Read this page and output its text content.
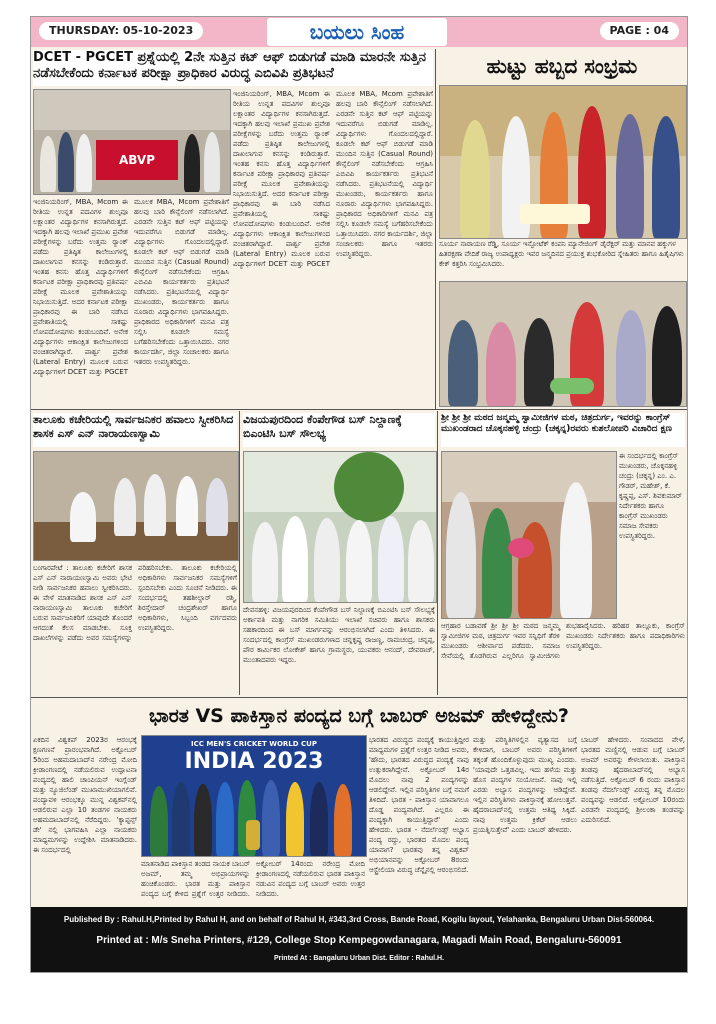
THURSDAY: 05-10-2023	ಬಯಲು ಸಿಂಹ	PAGE : 04
DCET - PGCET ಪ್ರಶ್ನೆಯಲ್ಲಿ 2ನೇ ಸುತ್ತಿನ ಕಟ್ ಆಫ್ ಬಿಡುಗಡೆ ಮಾಡಿ ಮಾರನೇ ಸುತ್ತಿನ ನಡೆಸಬೇಕೆಂದು ಕರ್ನಾಟಕ ಪರೀಕ್ಷಾ ಪ್ರಾಧಿಕಾರ ವಿರುದ್ಧ ಎಬಿವಿಪಿ ಪ್ರತಿಭಟನೆ
ABVP
ಇಂಜಿನಿಯರಿಂಗ್, MBA, Mcom ಈ ರೀತಿಯ ಉನ್ನತ ಪದವಿಗಳ ಶುಲ್ಕವೂ ಲಕ್ಷಾಂತರ ವಿದ್ಯಾರ್ಥಿಗಳ ಕನಸಾಗಿರುತ್ತದೆ. ಇದಕ್ಕಾಗಿ ಹಲವು ಇಲಾಖೆ ಪ್ರಮುಖ ಪ್ರವೇಶ ಪರೀಕ್ಷೆಗಳನ್ನು ಬರೆದು ಉತ್ತಮ ರ‍್ಯಾಂಕ್ ಪಡೆದು ಪ್ರತಿಷ್ಠಿತ ಕಾಲೇಜುಗಳಲ್ಲಿ ದಾಖಲಾಗುವ ಕನಸನ್ನು ಕಂಡಿರುತ್ತಾರೆ. ಇಂತಹ ಕನಸು ಹೊತ್ತ ವಿದ್ಯಾರ್ಥಿಗಳಿಗೆ ಕರ್ನಾಟಕ ಪರೀಕ್ಷಾ ಪ್ರಾಧಿಕಾರವು ಪ್ರತಿವರ್ಷ ಪರೀಕ್ಷೆ ಮೂಲಕ ಪ್ರವೇಶಾತಿಯನ್ನು ನಿಭಾಯಿಸುತ್ತಿದೆ. ಅದರ ಕರ್ನಾಟಕ ಪರೀಕ್ಷಾ ಪ್ರಾಧಿಕಾರವು ಈ ಬಾರಿ ನಡೆಸಿದ ಪ್ರವೇಶಾತಿಯಲ್ಲಿ ಸಾಕಷ್ಟು ಲೋಪದೋಷಗಳು ಕಂಡುಬಂದಿವೆ. ಅನೇಕ ವಿದ್ಯಾರ್ಥಿಗಳು ಆಕಾಂಕ್ಷಿತ ಕಾಲೇಜುಗಳಿಂದ ವಂಚಿತರಾಗಿದ್ದಾರೆ. ಪಾರ್ಶ್ವ ಪ್ರವೇಶ (Lateral Entry) ಮೂಲಕ ಬರುವ ವಿದ್ಯಾರ್ಥಿಗಳಿಗೆ DCET ಮತ್ತು PGCET ಮೂಲಕ MBA, Mcom ಪ್ರವೇಶಾತಿಗೆ ಹಲವು ಬಾರಿ ಕೌನ್ಸೆಲಿಂಗ್ ನಡೆಸಲಾಗಿದೆ. ಎರಡನೇ ಸುತ್ತಿನ ಕಟ್ ಆಫ್ ಪಟ್ಟಿಯನ್ನು ಇದುವರೆಗೂ ಬಿಡುಗಡೆ ಮಾಡಿಲ್ಲ. ವಿದ್ಯಾರ್ಥಿಗಳು ಗೊಂದಲದಲ್ಲಿದ್ದಾರೆ. ಕೂಡಲೇ ಕಟ್ ಆಫ್ ಬಿಡುಗಡೆ ಮಾಡಿ ಮುಂದಿನ ಸುತ್ತಿನ (Casual Round) ಕೌನ್ಸೆಲಿಂಗ್ ನಡೆಸಬೇಕೆಂದು ಆಗ್ರಹಿಸಿ ಎಬಿವಿಪಿ ಕಾರ್ಯಕರ್ತರು ಪ್ರತಿಭಟನೆ ನಡೆಸಿದರು. ಪ್ರತಿಭಟನೆಯಲ್ಲಿ ವಿದ್ಯಾರ್ಥಿ ಮುಖಂಡರು, ಕಾರ್ಯಕರ್ತರು ಹಾಗೂ ನೂರಾರು ವಿದ್ಯಾರ್ಥಿಗಳು ಭಾಗವಹಿಸಿದ್ದರು. ಪ್ರಾಧಿಕಾರದ ಅಧಿಕಾರಿಗಳಿಗೆ ಮನವಿ ಪತ್ರ ಸಲ್ಲಿಸಿ ಕೂಡಲೇ ಸಮಸ್ಯೆ ಬಗೆಹರಿಸಬೇಕೆಂದು ಒತ್ತಾಯಿಸಿದರು. ನಗರ ಕಾರ್ಯದರ್ಶಿ, ಜಿಲ್ಲಾ ಸಂಚಾಲಕರು ಹಾಗೂ ಇತರರು ಉಪಸ್ಥಿತರಿದ್ದರು.
ಇಂಜಿನಿಯರಿಂಗ್, MBA, Mcom ಈ ರೀತಿಯ ಉನ್ನತ ಪದವಿಗಳ ಶುಲ್ಕವೂ ಲಕ್ಷಾಂತರ ವಿದ್ಯಾರ್ಥಿಗಳ ಕನಸಾಗಿರುತ್ತದೆ. ಇದಕ್ಕಾಗಿ ಹಲವು ಇಲಾಖೆ ಪ್ರಮುಖ ಪ್ರವೇಶ ಪರೀಕ್ಷೆಗಳನ್ನು ಬರೆದು ಉತ್ತಮ ರ‍್ಯಾಂಕ್ ಪಡೆದು ಪ್ರತಿಷ್ಠಿತ ಕಾಲೇಜುಗಳಲ್ಲಿ ದಾಖಲಾಗುವ ಕನಸನ್ನು ಕಂಡಿರುತ್ತಾರೆ. ಇಂತಹ ಕನಸು ಹೊತ್ತ ವಿದ್ಯಾರ್ಥಿಗಳಿಗೆ ಕರ್ನಾಟಕ ಪರೀಕ್ಷಾ ಪ್ರಾಧಿಕಾರವು ಪ್ರತಿವರ್ಷ ಪರೀಕ್ಷೆ ಮೂಲಕ ಪ್ರವೇಶಾತಿಯನ್ನು ನಿಭಾಯಿಸುತ್ತಿದೆ. ಅದರ ಕರ್ನಾಟಕ ಪರೀಕ್ಷಾ ಪ್ರಾಧಿಕಾರವು ಈ ಬಾರಿ ನಡೆಸಿದ ಪ್ರವೇಶಾತಿಯಲ್ಲಿ ಸಾಕಷ್ಟು ಲೋಪದೋಷಗಳು ಕಂಡುಬಂದಿವೆ. ಅನೇಕ ವಿದ್ಯಾರ್ಥಿಗಳು ಆಕಾಂಕ್ಷಿತ ಕಾಲೇಜುಗಳಿಂದ ವಂಚಿತರಾಗಿದ್ದಾರೆ. ಪಾರ್ಶ್ವ ಪ್ರವೇಶ (Lateral Entry) ಮೂಲಕ ಬರುವ ವಿದ್ಯಾರ್ಥಿಗಳಿಗೆ DCET ಮತ್ತು PGCET ಮೂಲಕ MBA, Mcom ಪ್ರವೇಶಾತಿಗೆ ಹಲವು ಬಾರಿ ಕೌನ್ಸೆಲಿಂಗ್ ನಡೆಸಲಾಗಿದೆ. ಎರಡನೇ ಸುತ್ತಿನ ಕಟ್ ಆಫ್ ಪಟ್ಟಿಯನ್ನು ಇದುವರೆಗೂ ಬಿಡುಗಡೆ ಮಾಡಿಲ್ಲ. ವಿದ್ಯಾರ್ಥಿಗಳು ಗೊಂದಲದಲ್ಲಿದ್ದಾರೆ. ಕೂಡಲೇ ಕಟ್ ಆಫ್ ಬಿಡುಗಡೆ ಮಾಡಿ ಮುಂದಿನ ಸುತ್ತಿನ (Casual Round) ಕೌನ್ಸೆಲಿಂಗ್ ನಡೆಸಬೇಕೆಂದು ಆಗ್ರಹಿಸಿ ಎಬಿವಿಪಿ ಕಾರ್ಯಕರ್ತರು ಪ್ರತಿಭಟನೆ ನಡೆಸಿದರು. ಪ್ರತಿಭಟನೆಯಲ್ಲಿ ವಿದ್ಯಾರ್ಥಿ ಮುಖಂಡರು, ಕಾರ್ಯಕರ್ತರು ಹಾಗೂ ನೂರಾರು ವಿದ್ಯಾರ್ಥಿಗಳು ಭಾಗವಹಿಸಿದ್ದರು. ಪ್ರಾಧಿಕಾರದ ಅಧಿಕಾರಿಗಳಿಗೆ ಮನವಿ ಪತ್ರ ಸಲ್ಲಿಸಿ ಕೂಡಲೇ ಸಮಸ್ಯೆ ಬಗೆಹರಿಸಬೇಕೆಂದು ಒತ್ತಾಯಿಸಿದರು. ನಗರ ಕಾರ್ಯದರ್ಶಿ, ಜಿಲ್ಲಾ ಸಂಚಾಲಕರು ಹಾಗೂ ಇತರರು ಉಪಸ್ಥಿತರಿದ್ದರು.
ಹುಟ್ಟು ಹಬ್ಬದ ಸಂಭ್ರಮ
ಸೂರ್ಯ ನಾರಾಯಣ ರೆಡ್ಡಿ, ಸೂರ್ಯ ಇನ್ಫೋಟೆಕ್ ಕಂಪನಿ ಮ್ಯಾನೇಜಿಂಗ್ ಡೈರೆಕ್ಟರ್ ಮತ್ತು ಮಾನವ ಹಕ್ಕುಗಳ ಹಿತರಕ್ಷಣಾ ವೇದಿಕೆ ರಾಜ್ಯ ಉಪಾಧ್ಯಕ್ಷರು ಇವರ ಜನ್ಮದಿನದ ಪ್ರಯುಕ್ತ ಶುಭಕೋರಿದ ಸ್ನೇಹಿತರು ಹಾಗೂ ಹಿತೈಷಿಗಳು ಕೇಕ್ ಕತ್ತರಿಸಿ ಸಂಭ್ರಮಿಸಿದರು.
ತಾಲೂಕು ಕಚೇರಿಯಲ್ಲಿ ಸಾರ್ವಜನಿಕರ ಹವಾಲು ಸ್ವೀಕರಿಸಿದ ಶಾಸಕ ಎಸ್ ಎನ್ ನಾರಾಯಣಸ್ವಾಮಿ
ಬಂಗಾರಪೇಟೆ : ತಾಲೂಕು ಕಚೇರಿಗೆ ಶಾಸಕ ಎಸ್ ಎನ್ ನಾರಾಯಣಸ್ವಾಮಿ ಅವರು ಭೇಟಿ ನೀಡಿ ಸಾರ್ವಜನಿಕರ ಹವಾಲು ಸ್ವೀಕರಿಸಿದರು. ಈ ವೇಳೆ ಮಾತನಾಡಿದ ಶಾಸಕ ಎಸ್ ಎನ್ ನಾರಾಯಣಸ್ವಾಮಿ ತಾಲೂಕು ಕಚೇರಿಗೆ ಬರುವ ಸಾರ್ವಜನಿಕರಿಗೆ ಯಾವುದೇ ತೊಂದರೆ ಆಗದಂತೆ ಕೆಲಸ ಮಾಡಬೇಕು. ಸೂಕ್ತ ದಾಖಲೆಗಳನ್ನು ಪಡೆದು ಅವರ ಸಮಸ್ಯೆಗಳನ್ನು ಪರಿಹರಿಸಬೇಕು. ತಾಲೂಕು ಕಚೇರಿಯಲ್ಲಿ ಅಧಿಕಾರಿಗಳು ಸಾರ್ವಜನಿಕರ ಸಮಸ್ಯೆಗಳಿಗೆ ಸ್ಪಂದಿಸಬೇಕು ಎಂದು ಸೂಚನೆ ನೀಡಿದರು. ಈ ಸಂದರ್ಭದಲ್ಲಿ ತಹಶೀಲ್ದಾರ್ ರಶ್ಮಿ, ಶಿರಸ್ತೇದಾರ್ ಚಂದ್ರಶೇಖರ್ ಹಾಗೂ ಅಧಿಕಾರಿಗಳು, ಸಿಬ್ಬಂದಿ ವರ್ಗದವರು ಉಪಸ್ಥಿತರಿದ್ದರು.
ವಿಜಯಪುರದಿಂದ ಕೆಂಪೇಗೌಡ ಬಸ್ ನಿಲ್ದಾಣಕ್ಕೆ ಬಿಎಂಟಿಸಿ ಬಸ್ ಸೌಲಭ್ಯ
ದೇವನಹಳ್ಳಿ: ವಿಜಯಪುರದಿಂದ ಕೆಂಪೇಗೌಡ ಬಸ್ ನಿಲ್ದಾಣಕ್ಕೆ ಬಿಎಂಟಿಸಿ ಬಸ್ ಸೌಲಭ್ಯಕ್ಕೆ ಅರ್ಕಾವತಿ ಮತ್ತು ನಾಗರಿಕ ಸಮಿತಿಯು ಇಲಾಖೆ ಸಚಿವರು ಹಾಗೂ ಶಾಸಕರು ಸಹಕಾರದಿಂದ ಈ ಬಸ್ ಮಾರ್ಗವನ್ನು ಆರಂಭಿಸಲಾಗಿದೆ ಎಂದು ತಿಳಿಸಿದರು. ಈ ಸಂದರ್ಭದಲ್ಲಿ ಕಾಂಗ್ರೆಸ್ ಮುಖಂಡರುಗಳಾದ ಚನ್ನಕೃಷ್ಣ ರಾಜಣ್ಣ, ರಾಮಚಂದ್ರ, ಚನ್ನಪ್ಪ, ಪೌರ ಕಾರ್ಮಿಕರ ಲೋಕೇಶ್ ಹಾಗೂ ಗ್ರಾಮಸ್ಥರು, ಯುವಕರು ಆನಂದ್, ದೇವರಾಜ್, ಮುಂತಾದವರು ಇದ್ದರು.
ಶ್ರೀ ಶ್ರೀ ಶ್ರೀ ಮಠದ ಜನ್ಮಮ್ಮ ಸ್ವಾಮೀಜಿಗಳ ಮಠ, ಚಿತ್ರದುರ್ಗ, ಇವರನ್ನು ಕಾಂಗ್ರೆಸ್ ಮುಖಂಡರಾದ ಚೊಕ್ಕನಹಳ್ಳಿ ಚಂದ್ರು (ಚಕ್ಕನ್ನ)ರವರು ಕುಶಲೋಪರಿ ವಿಚಾರಿದ ಕ್ಷಣ
ಈ ಸಂದರ್ಭದಲ್ಲಿ ಕಾಂಗ್ರೆಸ್ ಮುಖಂಡರು, ಚೊಕ್ಕನಹಳ್ಳಿ ಚಂದ್ರು (ಚಕ್ಕನ್ನ) ಎಂ. ಎ. ಗೌಡರ್, ಮಹೇಶ್, ಕೆ. ಕೃಷ್ಣಪ್ಪ, ಎಸ್. ಶಿವಕುಮಾರ್ ನಿರ್ದೇಶಕರು ಹಾಗೂ ಕಾಂಗ್ರೆಸ್ ಮುಖಂಡರು ಸಮಾಜ ಸೇವಕರು ಉಪಸ್ಥಿತರಿದ್ದರು.
ಆಗ್ರಹಾರ ಬಡಾವಣೆ ಶ್ರೀ ಶ್ರೀ ಶ್ರೀ ಮಠದ ಜನ್ಮಮ್ಮ ಸ್ವಾಮೀಜಿಗಳ ಮಠ, ಚಿತ್ರದುರ್ಗ ಇವರ ಸನ್ನಿಧಿಗೆ ತೆರಳಿ ಮುಖಂಡರು ಆಶೀರ್ವಾದ ಪಡೆದರು. ಸಮಾಜ ಸೇವೆಯಲ್ಲಿ ತೊಡಗಿರುವ ಎಲ್ಲರಿಗೂ ಸ್ವಾಮೀಜಿಗಳು ಶುಭಹಾರೈಸಿದರು. ಹರಿಹರ ತಾಲ್ಲೂಕು, ಕಾಂಗ್ರೆಸ್ ಮುಖಂಡರು ನಿರ್ದೇಶಕರು ಹಾಗೂ ಪದಾಧಿಕಾರಿಗಳು ಉಪಸ್ಥಿತರಿದ್ದರು.
ಭಾರತ VS ಪಾಕಿಸ್ತಾನ ಪಂದ್ಯದ ಬಗ್ಗೆ ಬಾಬರ್ ಅಜಮ್ ಹೇಳಿದ್ದೇನು?
ಏಕದಿನ ವಿಶ್ವಕಪ್ 2023ರ ಆರಂಭಕ್ಕೆ ಕ್ಷಣಗಣನೆ ಪ್ರಾರಂಭವಾಗಿದೆ. ಅಕ್ಟೋಬರ್ 5ರಿಂದ ಅಹಮದಾಬಾದ್‌ನ ನರೇಂದ್ರ ಮೋದಿ ಕ್ರೀಡಾಂಗಣದಲ್ಲಿ ನಡೆಯಲಿರುವ ಉದ್ಘಾಟನಾ ಪಂದ್ಯದಲ್ಲಿ ಹಾಲಿ ಚಾಂಪಿಯನ್ ಇಂಗ್ಲೆಂಡ್ ಮತ್ತು ನ್ಯೂಜಿಲೆಂಡ್ ಮುಖಾಮುಖಿಯಾಗಲಿವೆ. ಪಂದ್ಯಾವಳಿ ಆರಂಭಕ್ಕೂ ಮುನ್ನ ವಿಶ್ವಕಪ್‌ನಲ್ಲಿ ಆಡಲಿರುವ ಎಲ್ಲಾ 10 ತಂಡಗಳ ನಾಯಕರು ಅಹಮದಾಬಾದ್‌ನಲ್ಲಿ ನೆರೆದಿದ್ದರು. 'ಕ್ಯಾಪ್ಟನ್ಸ್ ಡೇ' ನಲ್ಲಿ ಭಾಗವಹಿಸಿ ಎಲ್ಲಾ ನಾಯಕರು ಮಾಧ್ಯಮಗಳನ್ನು ಉದ್ದೇಶಿಸಿ ಮಾತನಾಡಿದರು. ಈ ಸಂದರ್ಭದಲ್ಲಿ
ICC MEN'S CRICKET WORLD CUP
INDIA 2023
ಮಾತನಾಡಿದ ಪಾಕಿಸ್ತಾನ ತಂಡದ ನಾಯಕ ಬಾಬರ್ ಅಜಮ್, ತಮ್ಮ ಅಭಿಪ್ರಾಯಗಳನ್ನು ಹಂಚಿಕೊಂಡರು. ಭಾರತ ಮತ್ತು ಪಾಕಿಸ್ತಾನ ಪಂದ್ಯದ ಬಗ್ಗೆ ಕೇಳಿದ ಪ್ರಶ್ನೆಗೆ ಉತ್ತರ ನೀಡಿದರು. ಅಕ್ಟೋಬರ್ 14ರಂದು ನರೇಂದ್ರ ಮೋದಿ ಕ್ರೀಡಾಂಗಣದಲ್ಲಿ ನಡೆಯಲಿರುವ ಭಾರತ ಪಾಕಿಸ್ತಾನ ನಡುವಿನ ಪಂದ್ಯದ ಬಗ್ಗೆ ಬಾಬರ್ ಅವರು ಉತ್ತರ ನೀಡಿದರು.
ಭಾರತದ ವಿರುದ್ಧದ ಪಂದ್ಯಕ್ಕೆ ಕಾಯುತ್ತಿದ್ದೀರ ಮಾಧ್ಯಮಗಳ ಪ್ರಶ್ನೆಗೆ ಉತ್ತರ ನೀಡಿದ ಅವರು, 'ಹೌದು, ಭಾರತದ ವಿರುದ್ಧದ ಪಂದ್ಯಕ್ಕೆ ನಾವು ಉತ್ಸುಕರಾಗಿದ್ದೇವೆ. ಅಕ್ಟೋಬರ್ 14ರ ಮೊದಲು ನಾವು 2 ಪಂದ್ಯಗಳನ್ನು ಆಡಲಿದ್ದೇವೆ. ಇಲ್ಲಿನ ಪರಿಸ್ಥಿತಿಗಳ ಬಗ್ಗೆ ನಮಗೆ ತಿಳಿದಿದೆ. ಭಾರತ - ಪಾಕಿಸ್ತಾನ ಯಾವಾಗಲೂ ದೊಡ್ಡ ಪಂದ್ಯವಾಗಿದೆ. ಎಲ್ಲರೂ ಈ ಪಂದ್ಯಕ್ಕಾಗಿ ಕಾಯುತ್ತಿದ್ದಾರೆ' ಎಂದು ಹೇಳಿದರು. ಭಾರತ - ನೆದರ್ಲೆಂಡ್ಸ್ ಅಭ್ಯಾಸ ಪಂದ್ಯ ರದ್ದು, ಭಾರತದ ಮೊದಲ ಪಂದ್ಯ ಯಾವಾಗ? ಭಾರತವು ತನ್ನ ವಿಶ್ವಕಪ್ ಅಭಿಯಾನವನ್ನು ಅಕ್ಟೋಬರ್ 8ರಂದು ಆಸ್ಟ್ರೇಲಿಯಾ ವಿರುದ್ಧ ಚೆನ್ನೈನಲ್ಲಿ ಆರಂಭಿಸಲಿದೆ.
ಮತ್ತು ಪರಿಸ್ಥಿತಿಗಳಲ್ಲಿನ ವ್ಯತ್ಯಾಸದ ಬಗ್ಗೆ ಕೇಳಿದಾಗ, ಬಾಬರ್ ಅವರು ಪರಿಸ್ಥಿತಿಗಳಿಗೆ ತಕ್ಕಂತೆ ಹೊಂದಿಕೊಳ್ಳುವುದು ಮುಖ್ಯ ಎಂದರು. 'ಯಾವುದೇ ಒತ್ತಡವಿಲ್ಲ. ಇದು ಹಳೆಯ ಮತ್ತು ಹೊಸ ಪಂದ್ಯಗಳ ಸಂಯೋಜನೆ. ನಾವು ಇಲ್ಲಿ ಎರಡು ಅಭ್ಯಾಸ ಪಂದ್ಯಗಳನ್ನು ಆಡಿದ್ದೇವೆ. ಇಲ್ಲಿನ ಪರಿಸ್ಥಿತಿಗಳು ಪಾಕಿಸ್ತಾನಕ್ಕೆ ಹೋಲುತ್ತವೆ. ಹೈದರಾಬಾದ್‌ನಲ್ಲಿ ಉತ್ತಮ ಆತಿಥ್ಯ ಸಿಕ್ಕಿದೆ. ನಾವು ಉತ್ತಮ ಕ್ರಿಕೆಟ್ ಆಡಲು ಪ್ರಯತ್ನಿಸುತ್ತೇವೆ' ಎಂದು ಬಾಬರ್ ಹೇಳಿದರು.
ಬಾಬರ್ ಹೇಳಿದರು. ಸಂವಾದದ ವೇಳೆ, ಭಾರತದ ಮಣ್ಣಿನಲ್ಲಿ ಆಡುವ ಬಗ್ಗೆ ಬಾಬರ್ ಅಜಮ್ ಅವರನ್ನು ಕೇಳಲಾಯಿತು. ಪಾಕಿಸ್ತಾನ ತಂಡವು ಹೈದರಾಬಾದ್‌ನಲ್ಲಿ ಅಭ್ಯಾಸ ನಡೆಸುತ್ತಿದೆ. ಅಕ್ಟೋಬರ್ 6 ರಂದು ಪಾಕಿಸ್ತಾನ ತಂಡವು ನೆದರ್ಲೆಂಡ್ಸ್ ವಿರುದ್ಧ ತನ್ನ ಮೊದಲ ಪಂದ್ಯವನ್ನು ಆಡಲಿದೆ. ಅಕ್ಟೋಬರ್ 10ರಂದು ಎರಡನೇ ಪಂದ್ಯದಲ್ಲಿ ಶ್ರೀಲಂಕಾ ತಂಡವನ್ನು ಎದುರಿಸಲಿದೆ.
Published By : Rahul.H,Printed by Rahul H, and on behalf of Rahul H, #343,3rd Cross, Bande Road, Kogilu layout, Yelahanka, Bengaluru Urban Dist-560064.
Printed at : M/s Sneha Printers, #129, College Stop Kempegowdanagara, Magadi Main Road, Bengaluru-560091
Printed At : Bangaluru Urban Dist. Editor : Rahul.H.
